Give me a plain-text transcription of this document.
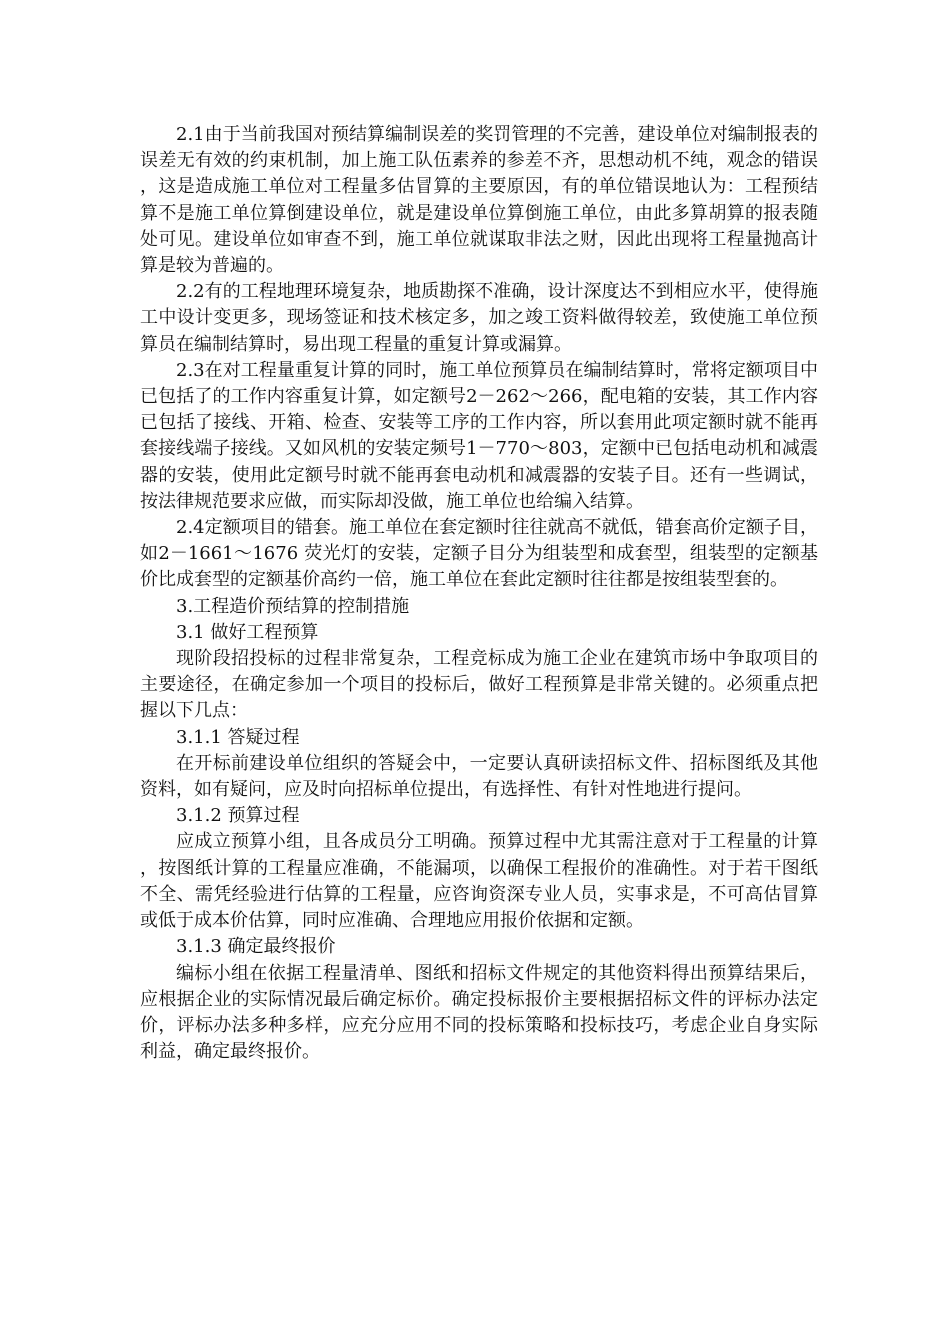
2.1由于当前我国对预结算编制误差的奖罚管理的不完善，建设单位对编制报表的误差无有效的约束机制，加上施工队伍素养的参差不齐，思想动机不纯，观念的错误，这是造成施工单位对工程量多估冒算的主要原因，有的单位错误地认为：工程预结算不是施工单位算倒建设单位，就是建设单位算倒施工单位，由此多算胡算的报表随处可见。建设单位如审查不到，施工单位就谋取非法之财，因此出现将工程量抛高计算是较为普遍的。

2.2有的工程地理环境复杂，地质勘探不准确，设计深度达不到相应水平，使得施工中设计变更多，现场签证和技术核定多，加之竣工资料做得较差，致使施工单位预算员在编制结算时，易出现工程量的重复计算或漏算。

2.3在对工程量重复计算的同时，施工单位预算员在编制结算时，常将定额项目中已包括了的工作内容重复计算，如定额号2－262～266，配电箱的安装，其工作内容已包括了接线、开箱、检查、安装等工序的工作内容，所以套用此项定额时就不能再套接线端子接线。又如风机的安装定频号1－770～803，定额中已包括电动机和减震器的安装，使用此定额号时就不能再套电动机和减震器的安装子目。还有一些调试，按法律规范要求应做，而实际却没做，施工单位也给编入结算。

2.4定额项目的错套。施工单位在套定额时往往就高不就低，错套高价定额子目，如2－1661～1676 荧光灯的安装，定额子目分为组装型和成套型，组装型的定额基价比成套型的定额基价高约一倍，施工单位在套此定额时往往都是按组装型套的。

3.工程造价预结算的控制措施

3.1 做好工程预算

现阶段招投标的过程非常复杂，工程竞标成为施工企业在建筑市场中争取项目的主要途径，在确定参加一个项目的投标后，做好工程预算是非常关键的。必须重点把握以下几点：

3.1.1 答疑过程

在开标前建设单位组织的答疑会中，一定要认真研读招标文件、招标图纸及其他资料，如有疑问，应及时向招标单位提出，有选择性、有针对性地进行提问。

3.1.2 预算过程

应成立预算小组，且各成员分工明确。预算过程中尤其需注意对于工程量的计算，按图纸计算的工程量应准确，不能漏项，以确保工程报价的准确性。对于若干图纸不全、需凭经验进行估算的工程量，应咨询资深专业人员，实事求是，不可高估冒算或低于成本价估算，同时应准确、合理地应用报价依据和定额。

3.1.3 确定最终报价

编标小组在依据工程量清单、图纸和招标文件规定的其他资料得出预算结果后，应根据企业的实际情况最后确定标价。确定投标报价主要根据招标文件的评标办法定价，评标办法多种多样，应充分应用不同的投标策略和投标技巧，考虑企业自身实际利益，确定最终报价。
